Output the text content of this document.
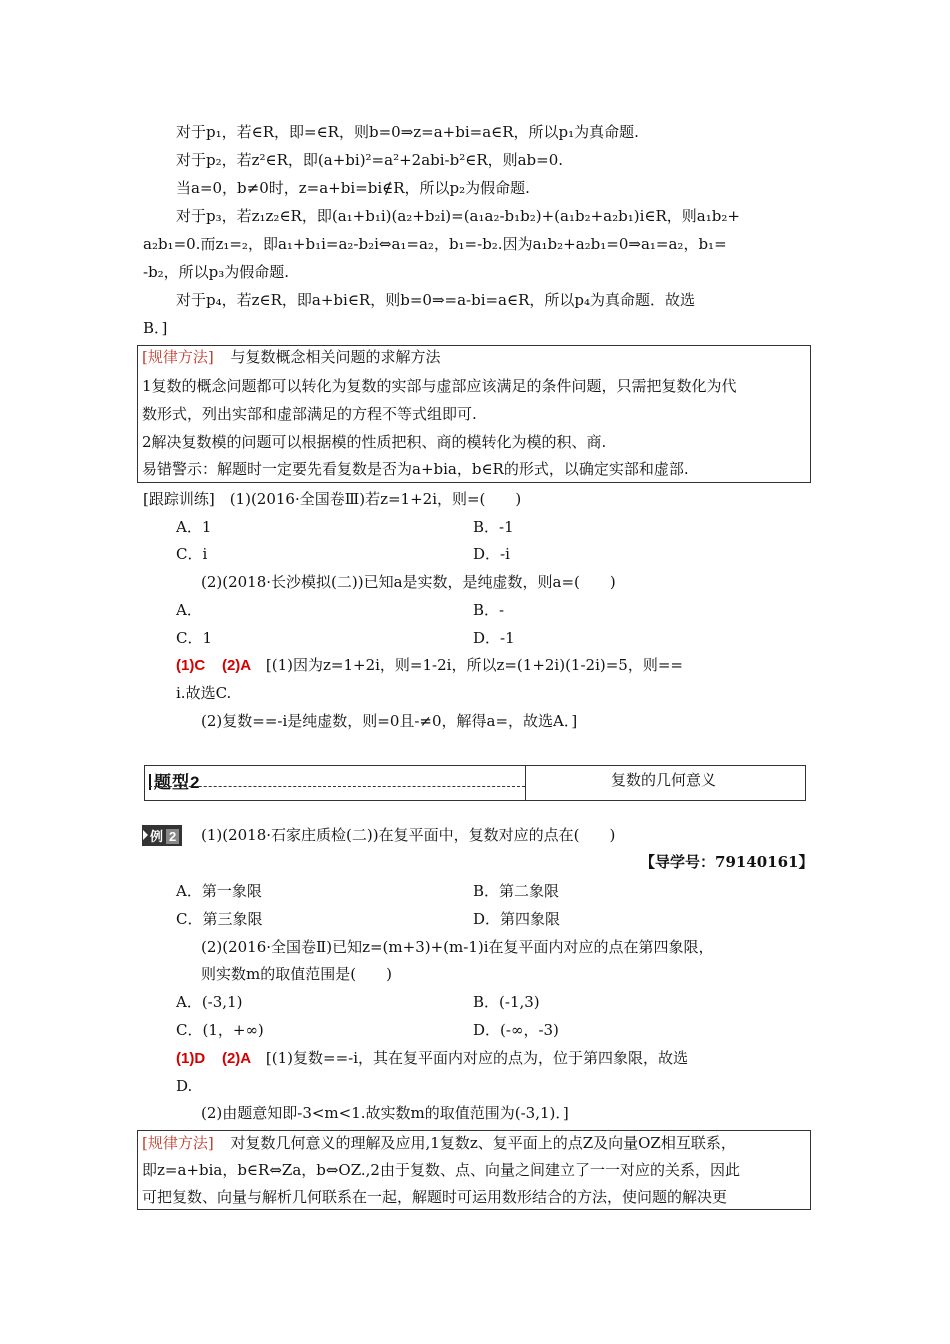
对于p₁，若∈R，即=∈R，则b=0⇒z=a+bi=a∈R，所以p₁为真命题.
对于p₂，若z²∈R，即(a+bi)²=a²+2abi-b²∈R，则ab=0.
当a=0，b≠0时，z=a+bi=bi∉R，所以p₂为假命题.
对于p₃，若z₁z₂∈R，即(a₁+b₁i)(a₂+b₂i)=(a₁a₂-b₁b₂)+(a₁b₂+a₂b₁)i∈R，则a₁b₂+
a₂b₁=0.而z₁=₂，即a₁+b₁i=a₂-b₂i⇔a₁=a₂，b₁=-b₂.因为a₁b₂+a₂b₁=0⇒a₁=a₂，b₁=
-b₂，所以p₃为假命题.
对于p₄，若z∈R，即a+bi∈R，则b=0⇒=a-bi=a∈R，所以p₄为真命题．故选
B．]
[规律方法] 与复数概念相关问题的求解方法
1复数的概念问题都可以转化为复数的实部与虚部应该满足的条件问题，只需把复数化为代
数形式，列出实部和虚部满足的方程不等式组即可.
2解决复数模的问题可以根据模的性质把积、商的模转化为模的积、商.
易错警示：解题时一定要先看复数是否为a+bia，b∈R的形式，以确定实部和虚部.
[跟踪训练]　(1)(2016·全国卷Ⅲ)若z=1+2i，则=(　　)
A．1	B．-1
C．i	D．-i
(2)(2018·长沙模拟(二))已知a是实数，是纯虚数，则a=(　　)
A．	B．-
C．1	D．-1
(1)C (2)A [(1)因为z=1+2i，则=1-2i，所以z=(1+2i)(1-2i)=5，则==
i.故选C.
(2)复数==-i是纯虚数，则=0且-≠0，解得a=，故选A．]
题型2	复数的几何意义
例 2	(1)(2018·石家庄质检(二))在复平面中，复数对应的点在(　　)
【导学号：79140161】
A．第一象限	B．第二象限
C．第三象限	D．第四象限
(2)(2016·全国卷Ⅱ)已知z=(m+3)+(m-1)i在复平面内对应的点在第四象限，
则实数m的取值范围是(　　)
A．(-3,1)	B．(-1,3)
C．(1，+∞)	D．(-∞，-3)
(1)D (2)A [(1)复数==-i，其在复平面内对应的点为，位于第四象限，故选
D.
(2)由题意知即-3<m<1.故实数m的取值范围为(-3,1)．]
[规律方法] 对复数几何意义的理解及应用,1复数z、复平面上的点Z及向量OZ相互联系，
即z=a+bia，b∈R⇔Za，b⇔OZ.,2由于复数、点、向量之间建立了一一对应的关系，因此
可把复数、向量与解析几何联系在一起，解题时可运用数形结合的方法，使问题的解决更
